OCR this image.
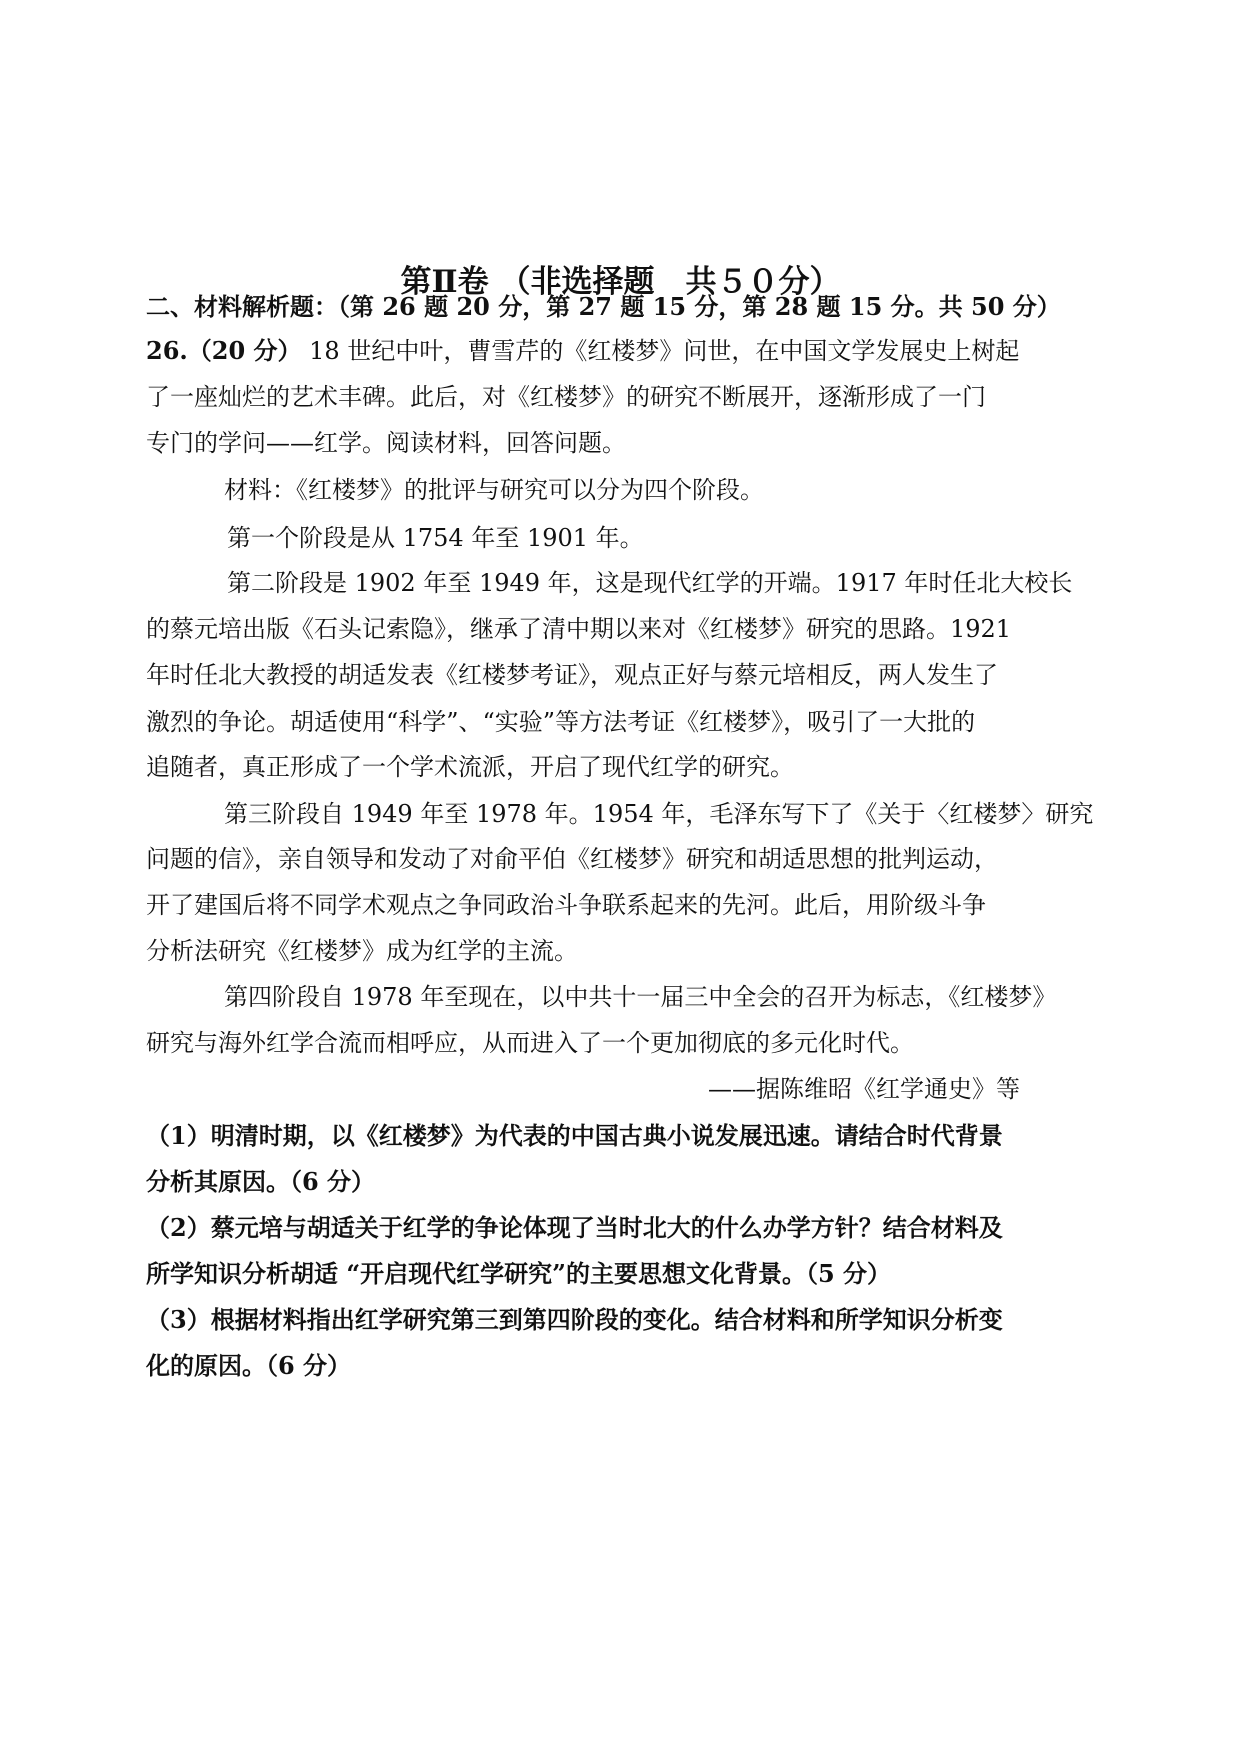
第Ⅱ卷 （非选择题　共５０分）
二、材料解析题：（第 26 题 20 分，第 27 题 15 分，第 28 题 15 分。共 50 分）
26.（20 分） 18 世纪中叶，曹雪芹的《红楼梦》问世，在中国文学发展史上树起
了一座灿烂的艺术丰碑。此后，对《红楼梦》的研究不断展开，逐渐形成了一门
专门的学问——红学。阅读材料，回答问题。
材料：《红楼梦》的批评与研究可以分为四个阶段。
第一个阶段是从 1754 年至 1901 年。
第二阶段是 1902 年至 1949 年，这是现代红学的开端。1917 年时任北大校长
的蔡元培出版《石头记索隐》，继承了清中期以来对《红楼梦》研究的思路。1921
年时任北大教授的胡适发表《红楼梦考证》，观点正好与蔡元培相反，两人发生了
激烈的争论。胡适使用“科学”、“实验”等方法考证《红楼梦》，吸引了一大批的
追随者，真正形成了一个学术流派，开启了现代红学的研究。
第三阶段自 1949 年至 1978 年。1954 年，毛泽东写下了《关于〈红楼梦〉研究
问题的信》，亲自领导和发动了对俞平伯《红楼梦》研究和胡适思想的批判运动，
开了建国后将不同学术观点之争同政治斗争联系起来的先河。此后，用阶级斗争
分析法研究《红楼梦》成为红学的主流。
第四阶段自 1978 年至现在，以中共十一届三中全会的召开为标志，《红楼梦》
研究与海外红学合流而相呼应，从而进入了一个更加彻底的多元化时代。
——据陈维昭《红学通史》等
（1）明清时期，以《红楼梦》为代表的中国古典小说发展迅速。请结合时代背景
分析其原因。（6 分）
（2）蔡元培与胡适关于红学的争论体现了当时北大的什么办学方针？结合材料及
所学知识分析胡适 “开启现代红学研究”的主要思想文化背景。（5 分）
（3）根据材料指出红学研究第三到第四阶段的变化。结合材料和所学知识分析变
化的原因。（6 分）
